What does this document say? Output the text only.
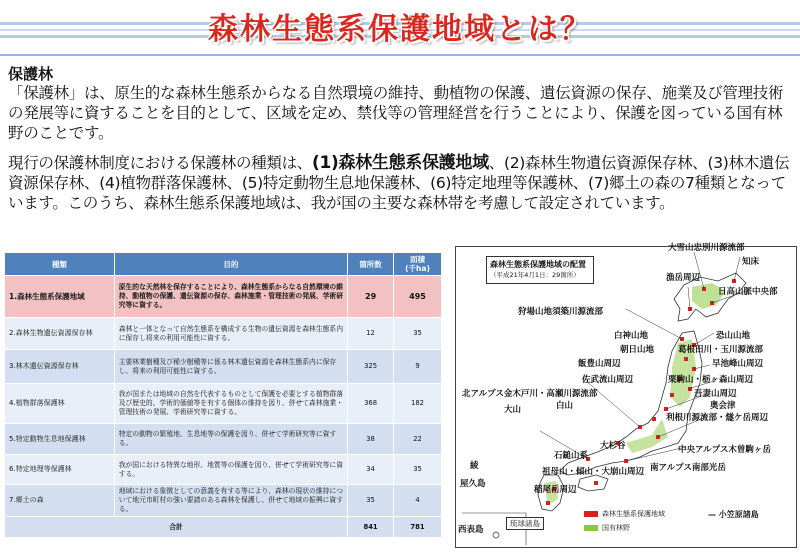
森林生態系保護地域とは？
保護林
「保護林」は、原生的な森林生態系からなる自然環境の維持、動植物の保護、遺伝資源の保存、施業及び管理技術の発展等に資することを目的として、区域を定め、禁伐等の管理経営を行うことにより、保護を図っている国有林野のことです。
現行の保護林制度における保護林の種類は、(1)森林生態系保護地域、(2)森林生物遺伝資源保存林、(3)林木遺伝資源保存林、(4)植物群落保護林、(5)特定動物生息地保護林、(6)特定地理等保護林、(7)郷土の森の7種類となっています。このうち、森林生態系保護地域は、我が国の主要な森林帯を考慮して設定されています。
種類	目的	箇所数	面積
(千ha)
1.森林生態系保護地域	原生的な天然林を保存することにより、森林生態系からなる自然環境の維持、動植物の保護、遺伝資源の保存、森林施業・管理技術の発展、学術研究等に資する。	29	495
2.森林生物遺伝資源保存林	森林と一体となって自然生態系を構成する生物の遺伝資源を森林生態系内に保存し将来の利用可能性に資する。	12	35
3.林木遺伝資源保存林	主要林業樹種及び稀少樹種等に係る林木遺伝資源を森林生態系内に保存し、将来の利用可能性に資する。	325	9
4.植物群落保護林	我が国または地域の自然を代表するものとして保護を必要とする植物群落及び歴史的、学術的価値等を有する個体の維持を図り、併せて森林施業・管理技術の発展、学術研究等に資する。	368	182
5.特定動物生息地保護林	特定の動物の繁殖地、生息地等の保護を図り、併せて学術研究等に資する。	38	22
6.特定地理等保護林	我が国における特異な地形、地質等の保護を図り、併せて学術研究等に資する。	34	35
7.郷土の森	地域における象徴としての意義を有する等により、森林の現状の維持について地元市町村の強い要請のある森林を保護し、併せて地域の振興に資する。	35	4
合計		841	781
森林生態系保護地域の配置
（平成21年4月1日：29箇所）
大雪山忠別川源流部
知床
漁岳周辺
日高山脈中央部
狩場山地須築川源流部
白神山地	恐山山地
朝日山地	葛根田川・玉川源流部
飯豊山周辺	早池峰山周辺
佐武流山周辺	栗駒山・栃ヶ森山周辺
北アルプス金木戸川・高瀬川源流部	吾妻山周辺
奥会津
白山
利根川源流部・燧ケ岳周辺
大山
中央アルプス木曽駒ヶ岳
南アルプス南部光岳
石鎚山系
大杉谷
綾
祖母山・傾山・大崩山周辺
屋久島
稲尾岳周辺
西表島
琉球諸島
森林生態系保護地域
国有林野
— 小笠原諸島
